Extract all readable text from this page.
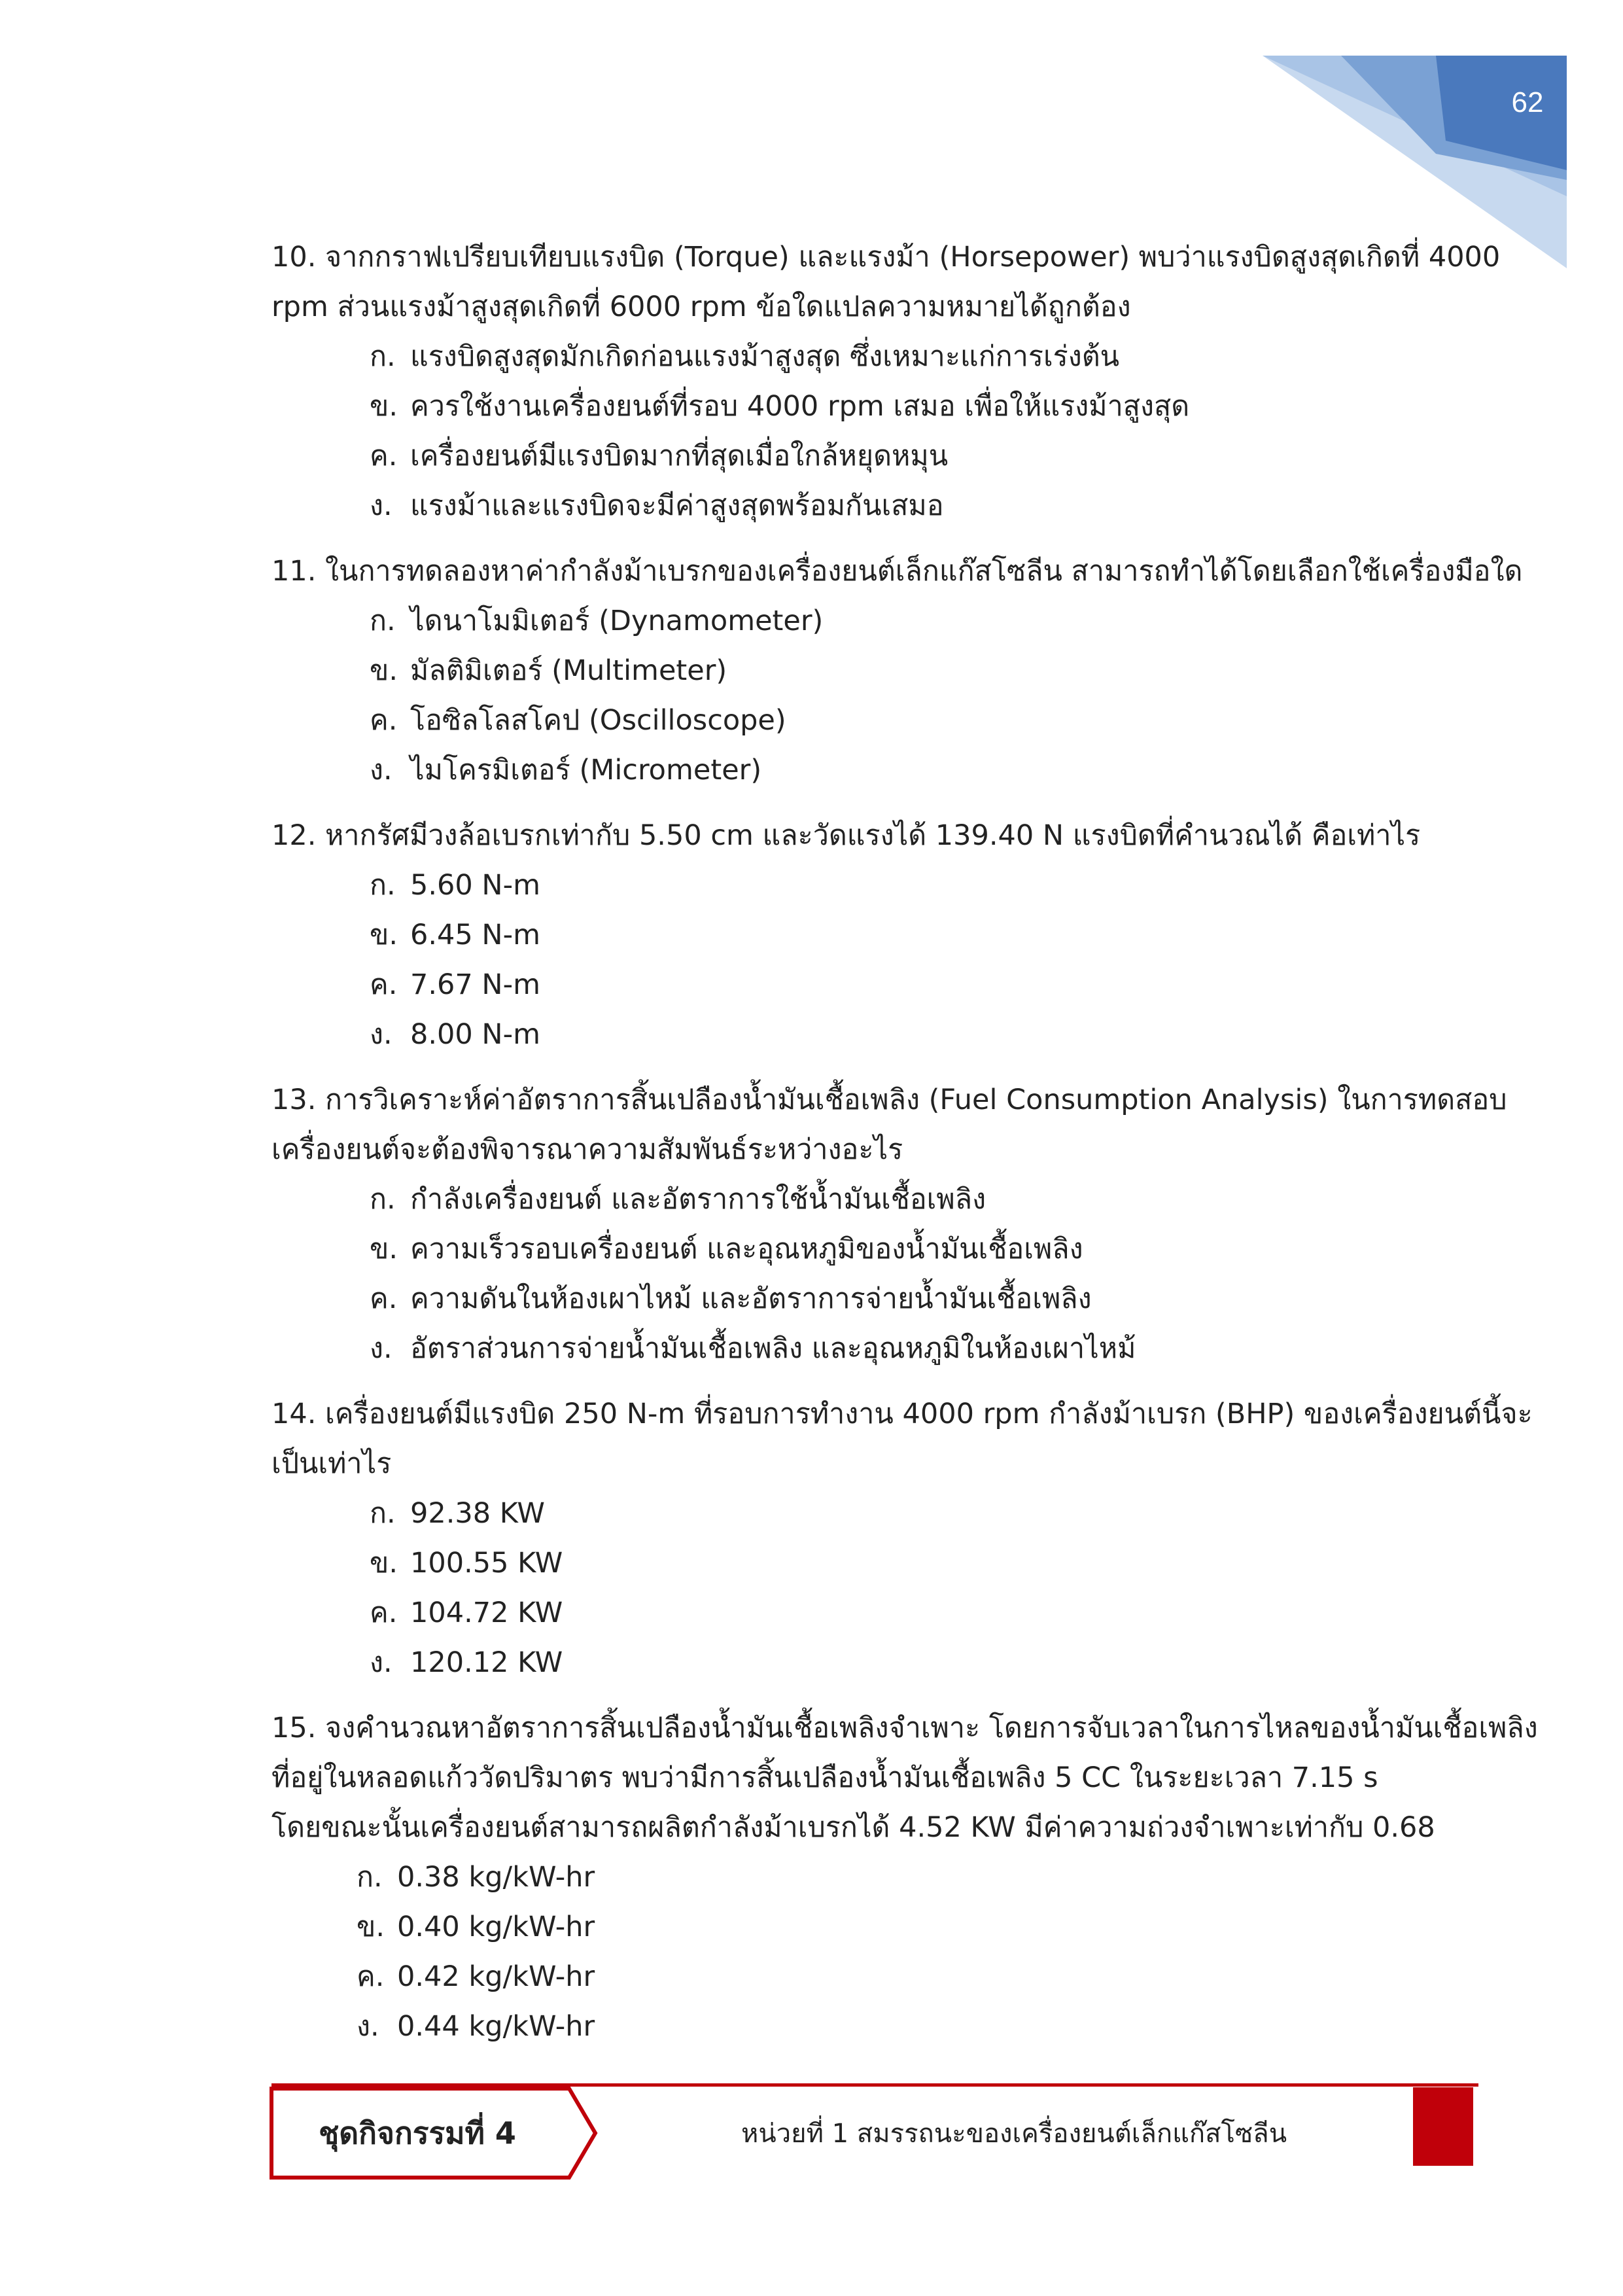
62
10. จากกราฟเปรียบเทียบแรงบิด (Torque) และแรงม้า (Horsepower) พบว่าแรงบิดสูงสุดเกิดที่ 4000
rpm ส่วนแรงม้าสูงสุดเกิดที่ 6000 rpm ข้อใดแปลความหมายได้ถูกต้อง
ก. แรงบิดสูงสุดมักเกิดก่อนแรงม้าสูงสุด ซึ่งเหมาะแก่การเร่งต้น
ข. ควรใช้งานเครื่องยนต์ที่รอบ 4000 rpm เสมอ เพื่อให้แรงม้าสูงสุด
ค. เครื่องยนต์มีแรงบิดมากที่สุดเมื่อใกล้หยุดหมุน
ง. แรงม้าและแรงบิดจะมีค่าสูงสุดพร้อมกันเสมอ
11. ในการทดลองหาค่ากำลังม้าเบรกของเครื่องยนต์เล็กแก๊สโซลีน สามารถทำได้โดยเลือกใช้เครื่องมือใด
ก. ไดนาโมมิเตอร์ (Dynamometer)
ข. มัลติมิเตอร์ (Multimeter)
ค. โอซิลโลสโคป (Oscilloscope)
ง. ไมโครมิเตอร์ (Micrometer)
12. หากรัศมีวงล้อเบรกเท่ากับ 5.50 cm และวัดแรงได้ 139.40 N แรงบิดที่คำนวณได้ คือเท่าไร
ก. 5.60 N-m
ข. 6.45 N-m
ค. 7.67 N-m
ง. 8.00 N-m
13. การวิเคราะห์ค่าอัตราการสิ้นเปลืองน้ำมันเชื้อเพลิง (Fuel Consumption Analysis) ในการทดสอบ
เครื่องยนต์จะต้องพิจารณาความสัมพันธ์ระหว่างอะไร
ก. กำลังเครื่องยนต์ และอัตราการใช้น้ำมันเชื้อเพลิง
ข. ความเร็วรอบเครื่องยนต์ และอุณหภูมิของน้ำมันเชื้อเพลิง
ค. ความดันในห้องเผาไหม้ และอัตราการจ่ายน้ำมันเชื้อเพลิง
ง. อัตราส่วนการจ่ายน้ำมันเชื้อเพลิง และอุณหภูมิในห้องเผาไหม้
14. เครื่องยนต์มีแรงบิด 250 N-m ที่รอบการทำงาน 4000 rpm กำลังม้าเบรก (BHP) ของเครื่องยนต์นี้จะ
เป็นเท่าไร
ก. 92.38 KW
ข. 100.55 KW
ค. 104.72 KW
ง. 120.12 KW
15. จงคำนวณหาอัตราการสิ้นเปลืองน้ำมันเชื้อเพลิงจำเพาะ โดยการจับเวลาในการไหลของน้ำมันเชื้อเพลิง
ที่อยู่ในหลอดแก้ววัดปริมาตร พบว่ามีการสิ้นเปลืองน้ำมันเชื้อเพลิง 5 CC ในระยะเวลา 7.15 s
โดยขณะนั้นเครื่องยนต์สามารถผลิตกำลังม้าเบรกได้ 4.52 KW มีค่าความถ่วงจำเพาะเท่ากับ 0.68
ก. 0.38 kg/kW-hr
ข. 0.40 kg/kW-hr
ค. 0.42 kg/kW-hr
ง. 0.44 kg/kW-hr
ชุดกิจกรรมที่ 4	หน่วยที่ 1 สมรรถนะของเครื่องยนต์เล็กแก๊สโซลีน
